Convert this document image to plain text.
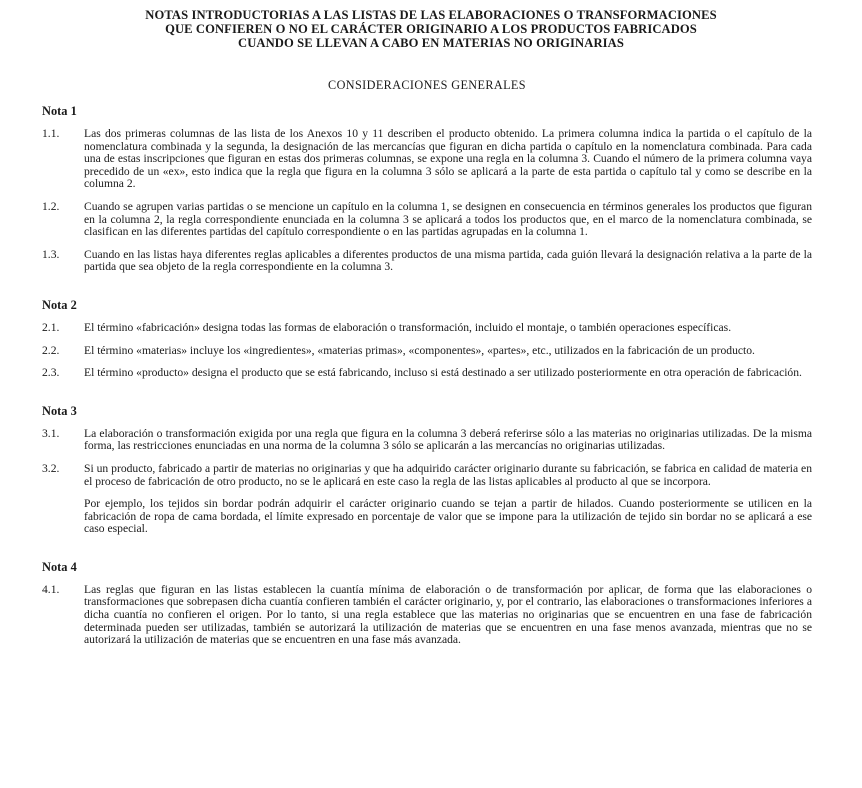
NOTAS INTRODUCTORIAS A LAS LISTAS DE LAS ELABORACIONES O TRANSFORMACIONES
QUE CONFIEREN O NO EL CARÁCTER ORIGINARIO A LOS PRODUCTOS FABRICADOS
CUANDO SE LLEVAN A CABO EN MATERIAS NO ORIGINARIAS
CONSIDERACIONES GENERALES
Nota 1
1.1.	Las dos primeras columnas de las lista de los Anexos 10 y 11 describen el producto obtenido. La primera columna indica la partida o el capítulo de la nomenclatura combinada y la segunda, la designación de las mercancías que figuran en dicha partida o capítulo en la nomenclatura combinada. Para cada una de estas inscripciones que figuran en estas dos primeras columnas, se expone una regla en la columna 3. Cuando el número de la primera columna vaya precedido de un «ex», esto indica que la regla que figura en la columna 3 sólo se aplicará a la parte de esta partida o capítulo tal y como se describe en la columna 2.
1.2.	Cuando se agrupen varias partidas o se mencione un capítulo en la columna 1, se designen en consecuencia en términos generales los productos que figuran en la columna 2, la regla correspondiente enunciada en la columna 3 se aplicará a todos los productos que, en el marco de la nomenclatura combinada, se clasifican en las diferentes partidas del capítulo correspondiente o en las partidas agrupadas en la columna 1.
1.3.	Cuando en las listas haya diferentes reglas aplicables a diferentes productos de una misma partida, cada guión llevará la designación relativa a la parte de la partida que sea objeto de la regla correspondiente en la columna 3.
Nota 2
2.1.	El término «fabricación» designa todas las formas de elaboración o transformación, incluido el montaje, o también operaciones específicas.
2.2.	El término «materias» incluye los «ingredientes», «materias primas», «componentes», «partes», etc., utilizados en la fabricación de un producto.
2.3.	El término «producto» designa el producto que se está fabricando, incluso si está destinado a ser utilizado posteriormente en otra operación de fabricación.
Nota 3
3.1.	La elaboración o transformación exigida por una regla que figura en la columna 3 deberá referirse sólo a las materias no originarias utilizadas. De la misma forma, las restricciones enunciadas en una norma de la columna 3 sólo se aplicarán a las mercancías no originarias utilizadas.
3.2.	Si un producto, fabricado a partir de materias no originarias y que ha adquirido carácter originario durante su fabricación, se fabrica en calidad de materia en el proceso de fabricación de otro producto, no se le aplicará en este caso la regla de las listas aplicables al producto al que se incorpora.
Por ejemplo, los tejidos sin bordar podrán adquirir el carácter originario cuando se tejan a partir de hilados. Cuando posteriormente se utilicen en la fabricación de ropa de cama bordada, el límite expresado en porcentaje de valor que se impone para la utilización de tejido sin bordar no se aplicará a ese caso especial.
Nota 4
4.1.	Las reglas que figuran en las listas establecen la cuantía mínima de elaboración o de transformación por aplicar, de forma que las elaboraciones o transformaciones que sobrepasen dicha cuantía confieren también el carácter originario, y, por el contrario, las elaboraciones o transformaciones inferiores a dicha cuantía no confieren el origen. Por lo tanto, si una regla establece que las materias no originarias que se encuentren en una fase de fabricación determinada pueden ser utilizadas, también se autorizará la utilización de materias que se encuentren en una fase menos avanzada, mientras que no se autorizará la utilización de materias que se encuentren en una fase más avanzada.
